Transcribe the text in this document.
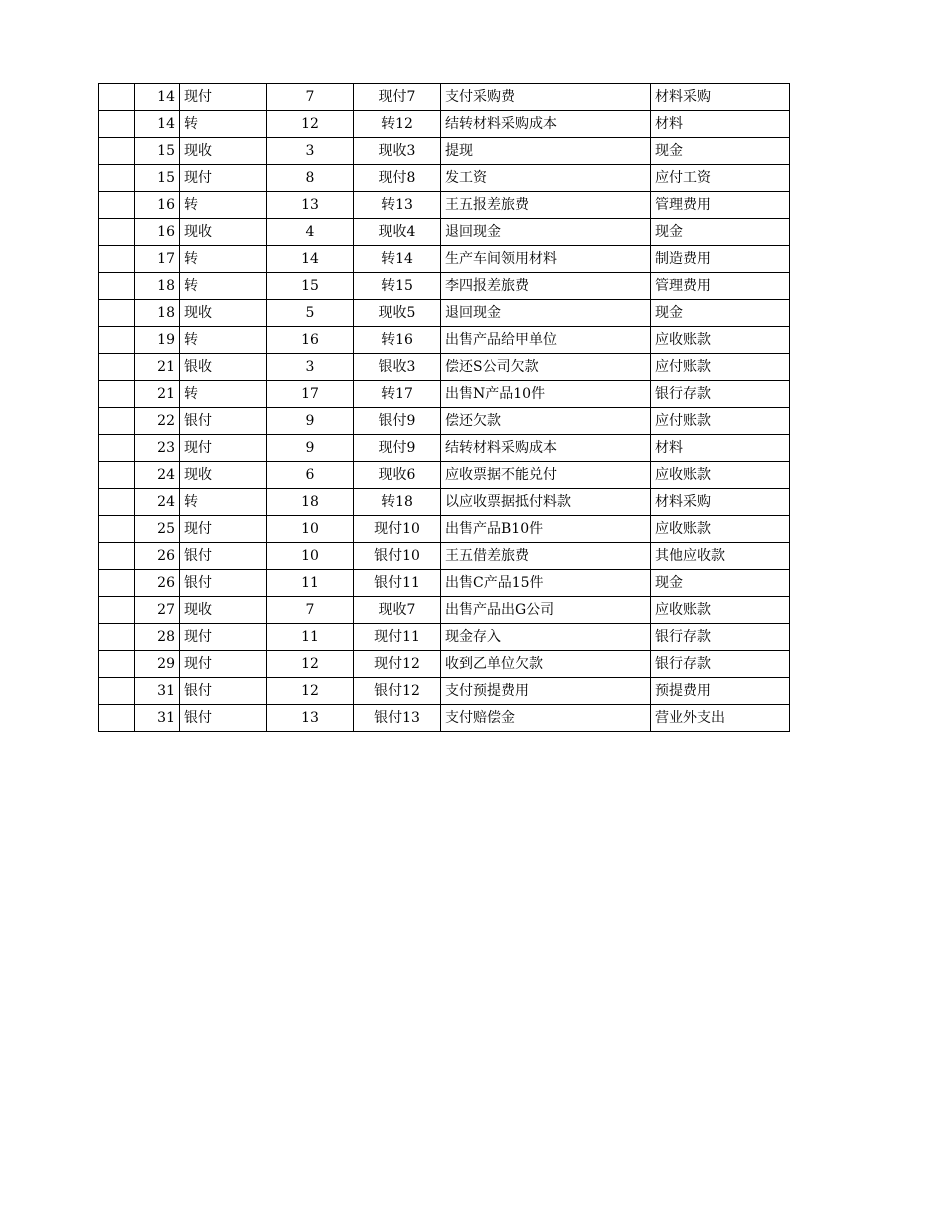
	14	现付	7	现付7	支付采购费	材料采购
	14	转	12	转12	结转材料采购成本	材料
	15	现收	3	现收3	提现	现金
	15	现付	8	现付8	发工资	应付工资
	16	转	13	转13	王五报差旅费	管理费用
	16	现收	4	现收4	退回现金	现金
	17	转	14	转14	生产车间领用材料	制造费用
	18	转	15	转15	李四报差旅费	管理费用
	18	现收	5	现收5	退回现金	现金
	19	转	16	转16	出售产品给甲单位	应收账款
	21	银收	3	银收3	偿还S公司欠款	应付账款
	21	转	17	转17	出售N产品10件	银行存款
	22	银付	9	银付9	偿还欠款	应付账款
	23	现付	9	现付9	结转材料采购成本	材料
	24	现收	6	现收6	应收票据不能兑付	应收账款
	24	转	18	转18	以应收票据抵付料款	材料采购
	25	现付	10	现付10	出售产品B10件	应收账款
	26	银付	10	银付10	王五借差旅费	其他应收款
	26	银付	11	银付11	出售C产品15件	现金
	27	现收	7	现收7	出售产品出G公司	应收账款
	28	现付	11	现付11	现金存入	银行存款
	29	现付	12	现付12	收到乙单位欠款	银行存款
	31	银付	12	银付12	支付预提费用	预提费用
	31	银付	13	银付13	支付赔偿金	营业外支出
